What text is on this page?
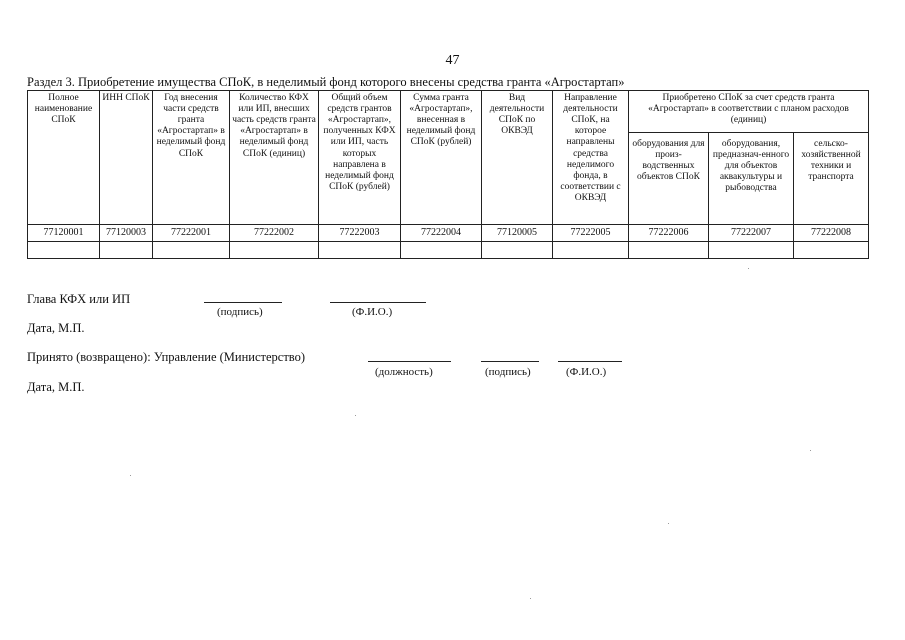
47
Раздел 3. Приобретение имущества СПоК, в неделимый фонд которого внесены средства гранта «Агростартап»
Полное наименование СПоК	ИНН СПоК	Год внесения части средств гранта «Агростартап» в неделимый фонд СПоК	Количество КФХ или ИП, внесших часть средств гранта «Агростартап» в неделимый фонд СПоК (единиц)	Общий объем средств грантов «Агростартап», полученных КФХ или ИП, часть которых направлена в неделимый фонд СПоК (рублей)	Сумма гранта «Агростартап», внесенная в неделимый фонд СПоК (рублей)	Вид деятельности СПоК по ОКВЭД	Направление деятельности СПоК, на которое направлены средства неделимого фонда, в соответствии с ОКВЭД	Приобретено СПоК за счет средств гранта «Агростартап» в соответствии с планом расходов (единиц)		
								оборудования для произ-водственных объектов СПоК	оборудования, предназнач-енного для объектов аквакультуры и рыбоводства	сельско-хозяйственной техники и транспорта
77120001	77120003	77222001	77222002	77222003	77222004	77120005	77222005	77222006	77222007	77222008

Глава КФХ или ИП
(подпись)	(Ф.И.О.)
Дата, М.П.
Принято (возвращено): Управление (Министерство)
(должность)	(подпись)	(Ф.И.О.)
Дата, М.П.
